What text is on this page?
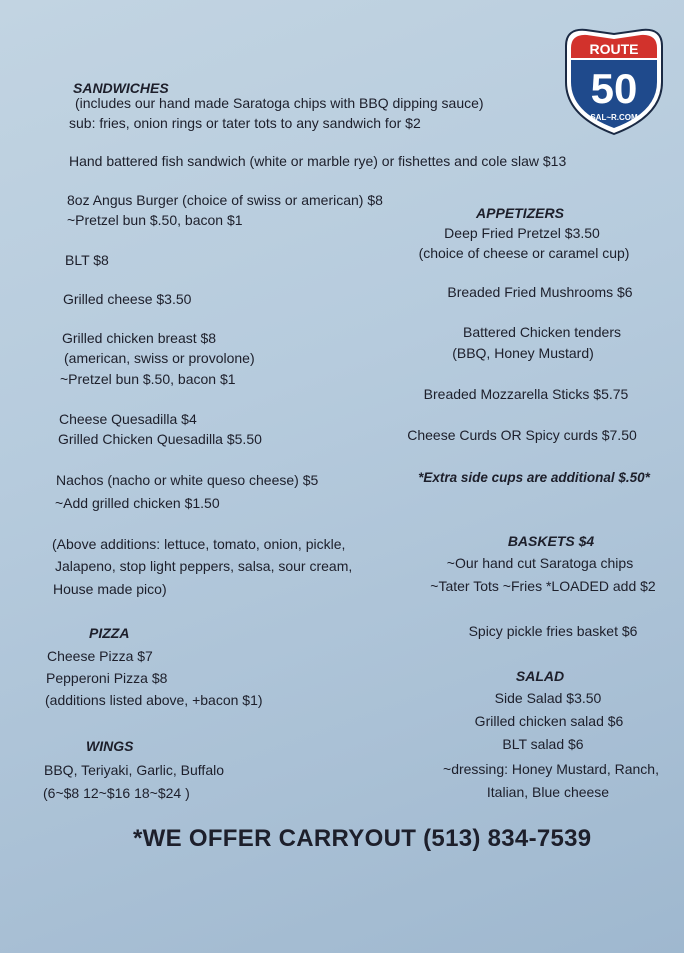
ROUTE
50
SAL~R.COM
SANDWICHES
(includes our hand made Saratoga chips with BBQ dipping sauce)
sub: fries, onion rings or tater tots to any sandwich for $2
Hand battered fish sandwich (white or marble rye) or fishettes and cole slaw $13
8oz Angus Burger (choice of swiss or american) $8
~Pretzel bun $.50, bacon $1
BLT $8
Grilled cheese $3.50
Grilled chicken breast $8
(american, swiss or provolone)
~Pretzel bun $.50, bacon $1
Cheese Quesadilla $4
Grilled Chicken Quesadilla $5.50
Nachos (nacho or white queso cheese) $5
~Add grilled chicken $1.50
(Above additions: lettuce, tomato, onion, pickle,
Jalapeno, stop light peppers, salsa, sour cream,
House made pico)
PIZZA
Cheese Pizza $7
Pepperoni Pizza $8
(additions listed above, +bacon $1)
WINGS
BBQ, Teriyaki, Garlic, Buffalo
(6~$8 12~$16 18~$24 )
APPETIZERS
Deep Fried Pretzel $3.50
(choice of cheese or caramel cup)
Breaded Fried Mushrooms $6
Battered Chicken tenders
(BBQ, Honey Mustard)
Breaded Mozzarella Sticks $5.75
Cheese Curds OR Spicy curds $7.50
*Extra side cups are additional $.50*
BASKETS $4
~Our hand cut Saratoga chips
~Tater Tots ~Fries *LOADED add $2
Spicy pickle fries basket $6
SALAD
Side Salad $3.50
Grilled chicken salad $6
BLT salad $6
~dressing: Honey Mustard, Ranch,
Italian, Blue cheese
*WE OFFER CARRYOUT (513) 834-7539
